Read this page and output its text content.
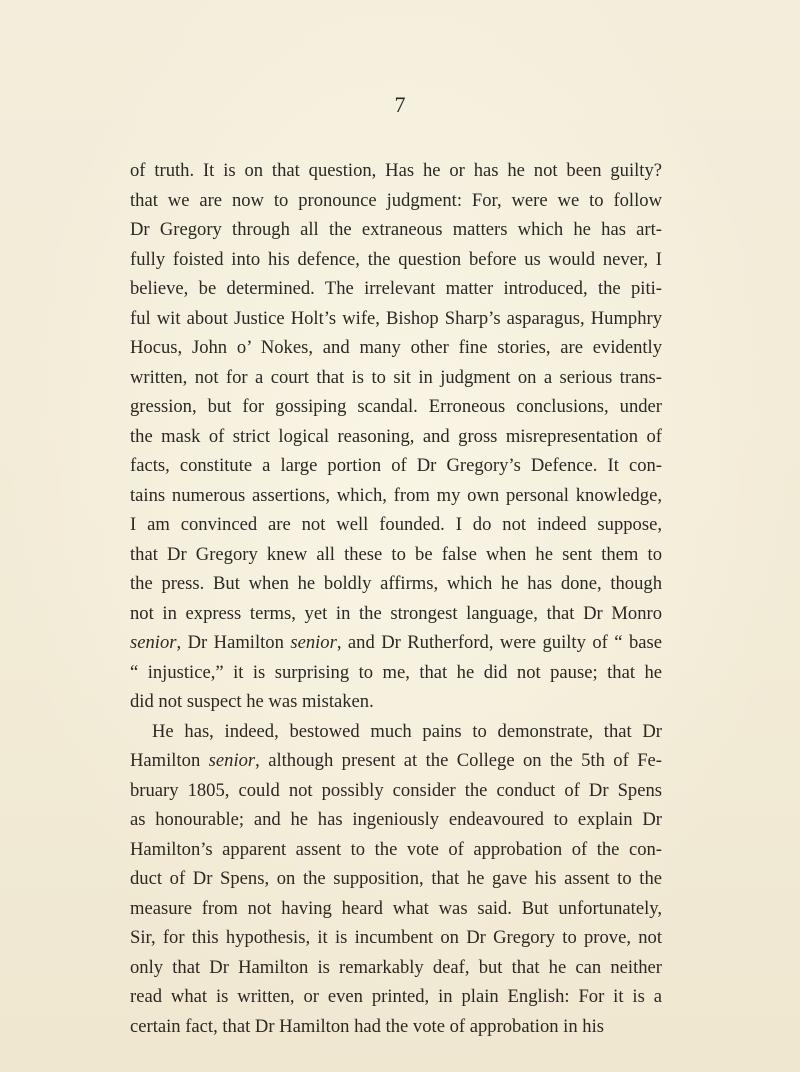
7
of truth. It is on that question, Has he or has he not been guilty?
that we are now to pronounce judgment: For, were we to follow
Dr Gregory through all the extraneous matters which he has art-
fully foisted into his defence, the question before us would never, I
believe, be determined. The irrelevant matter introduced, the piti-
ful wit about Justice Holt’s wife, Bishop Sharp’s asparagus, Humphry
Hocus, John o’ Nokes, and many other fine stories, are evidently
written, not for a court that is to sit in judgment on a serious trans-
gression, but for gossiping scandal. Erroneous conclusions, under
the mask of strict logical reasoning, and gross misrepresentation of
facts, constitute a large portion of Dr Gregory’s Defence. It con-
tains numerous assertions, which, from my own personal knowledge,
I am convinced are not well founded. I do not indeed suppose,
that Dr Gregory knew all these to be false when he sent them to
the press. But when he boldly affirms, which he has done, though
not in express terms, yet in the strongest language, that Dr Monro
senior, Dr Hamilton senior, and Dr Rutherford, were guilty of “ base
“ injustice,” it is surprising to me, that he did not pause; that he
did not suspect he was mistaken.
He has, indeed, bestowed much pains to demonstrate, that Dr
Hamilton senior, although present at the College on the 5th of Fe-
bruary 1805, could not possibly consider the conduct of Dr Spens
as honourable; and he has ingeniously endeavoured to explain Dr
Hamilton’s apparent assent to the vote of approbation of the con-
duct of Dr Spens, on the supposition, that he gave his assent to the
measure from not having heard what was said. But unfortunately,
Sir, for this hypothesis, it is incumbent on Dr Gregory to prove, not
only that Dr Hamilton is remarkably deaf, but that he can neither
read what is written, or even printed, in plain English: For it is a
certain fact, that Dr Hamilton had the vote of approbation in his
